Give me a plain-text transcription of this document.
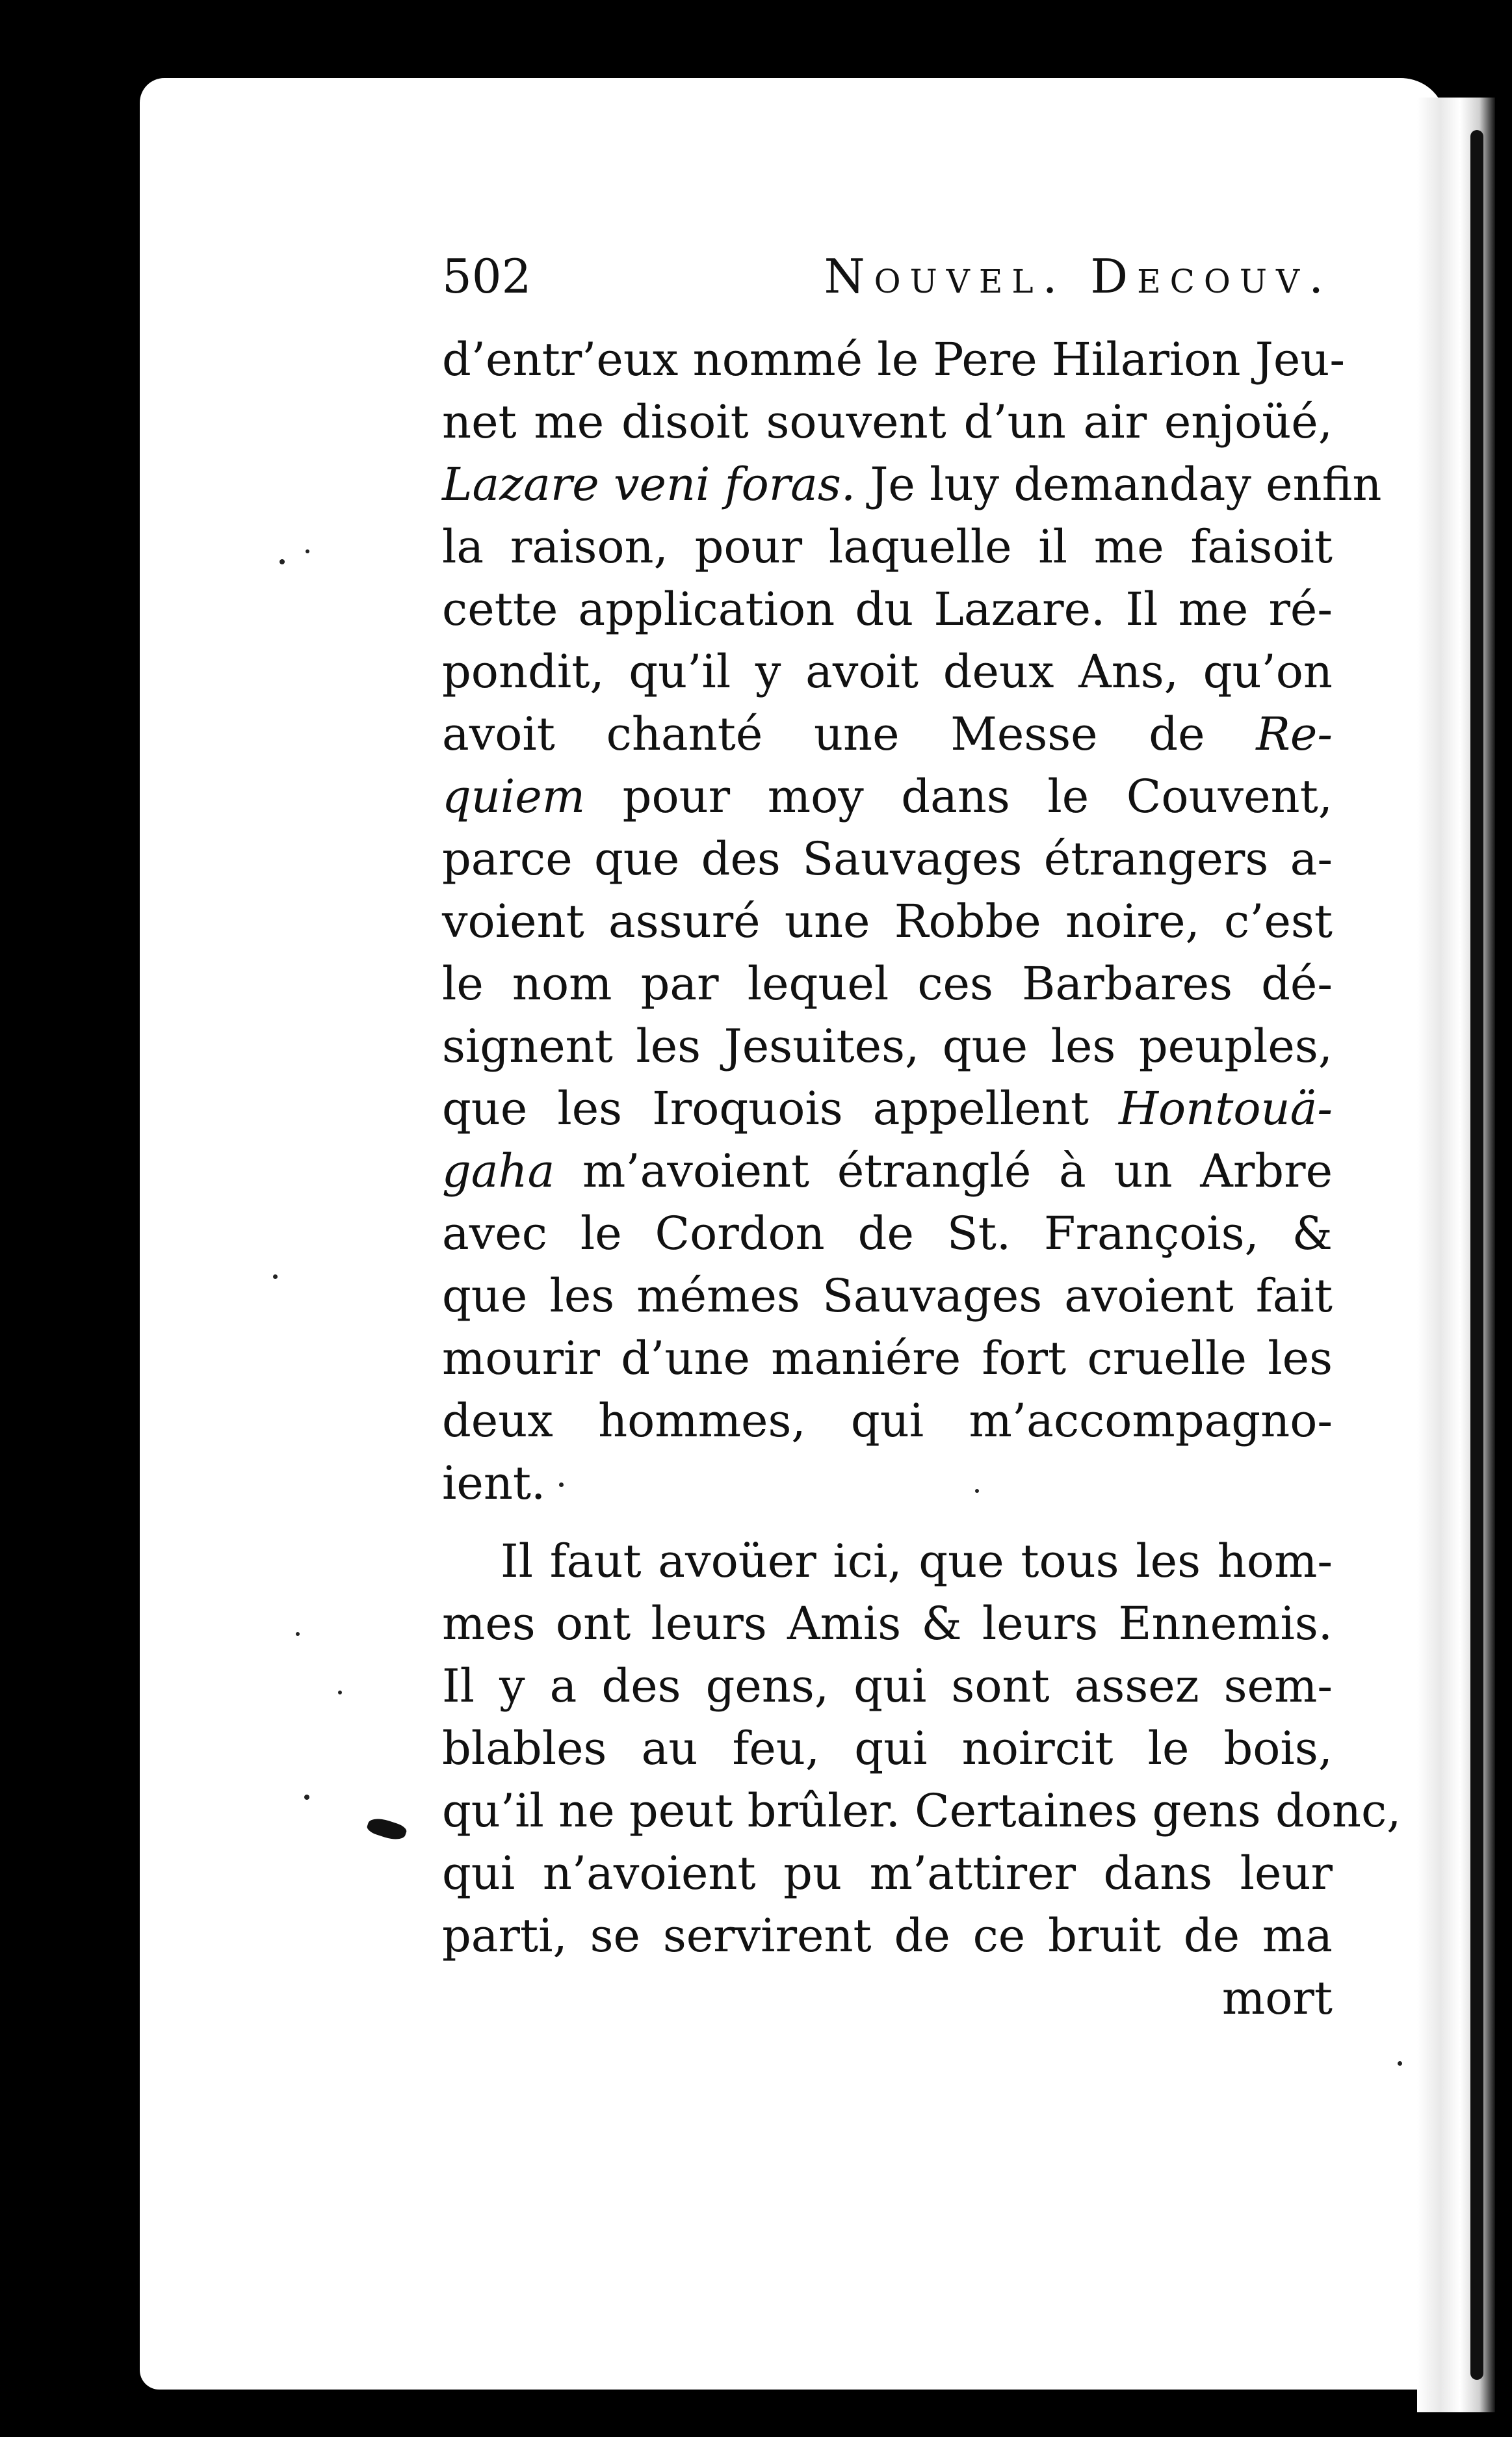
502	Nouvel. Decouv.
d’entr’eux nommé le Pere Hilarion Jeu-
net me disoit souvent d’un air enjoüé,
Lazare veni foras. Je luy demanday enfin
la raison, pour laquelle il me faisoit
cette application du Lazare. Il me ré-
pondit, qu’il y avoit deux Ans, qu’on
avoit chanté une Messe de Re-
quiem pour moy dans le Couvent,
parce que des Sauvages étrangers a-
voient assuré une Robbe noire, c’est
le nom par lequel ces Barbares dé-
signent les Jesuites, que les peuples,
que les Iroquois appellent Hontouä-
gaha m’avoient étranglé à un Arbre
avec le Cordon de St. François, &
que les mémes Sauvages avoient fait
mourir d’une maniére fort cruelle les
deux hommes, qui m’accompagno-
ient.
Il faut avoüer ici, que tous les hom-
mes ont leurs Amis & leurs Ennemis.
Il y a des gens, qui sont assez sem-
blables au feu, qui noircit le bois,
qu’il ne peut brûler. Certaines gens donc,
qui n’avoient pu m’attirer dans leur
parti, se servirent de ce bruit de ma
mort
